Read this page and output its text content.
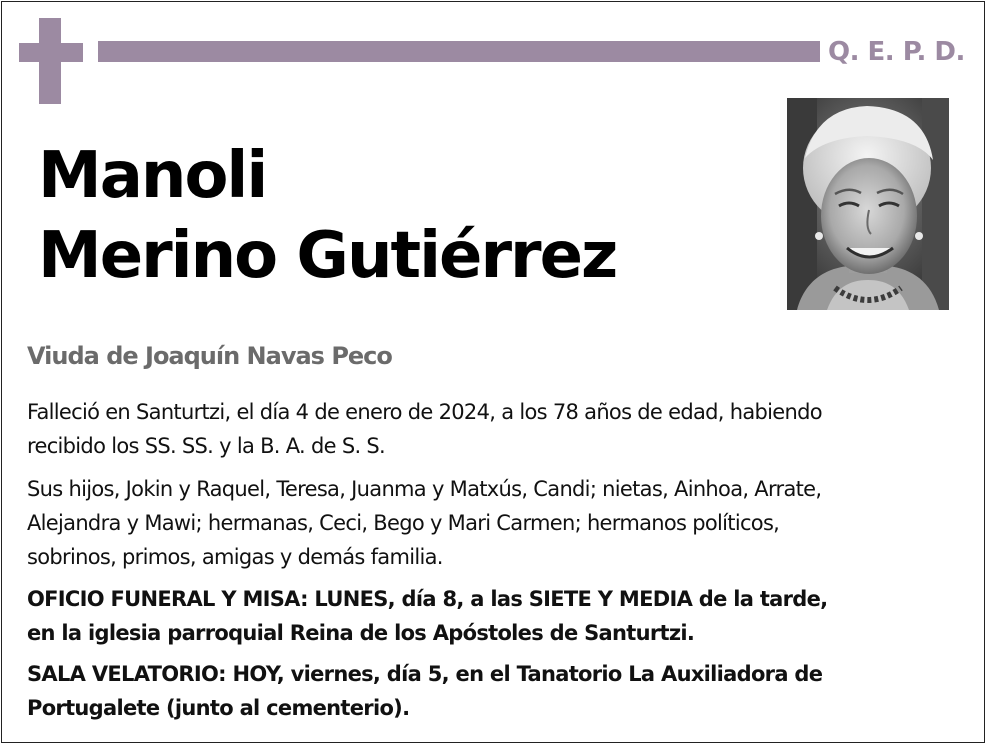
Q. E. P. D.
Manoli
Merino Gutiérrez
Viuda de Joaquín Navas Peco
Falleció en Santurtzi, el día 4 de enero de 2024, a los 78 años de edad, habiendo
recibido los SS. SS. y la B. A. de S. S.
Sus hijos, Jokin y Raquel, Teresa, Juanma y Matxús, Candi; nietas, Ainhoa, Arrate,
Alejandra y Mawi; hermanas, Ceci, Bego y Mari Carmen; hermanos políticos,
sobrinos, primos, amigas y demás familia.
OFICIO FUNERAL Y MISA: LUNES, día 8, a las SIETE Y MEDIA de la tarde,
en la iglesia parroquial Reina de los Apóstoles de Santurtzi.
SALA VELATORIO: HOY, viernes, día 5, en el Tanatorio La Auxiliadora de
Portugalete (junto al cementerio).
